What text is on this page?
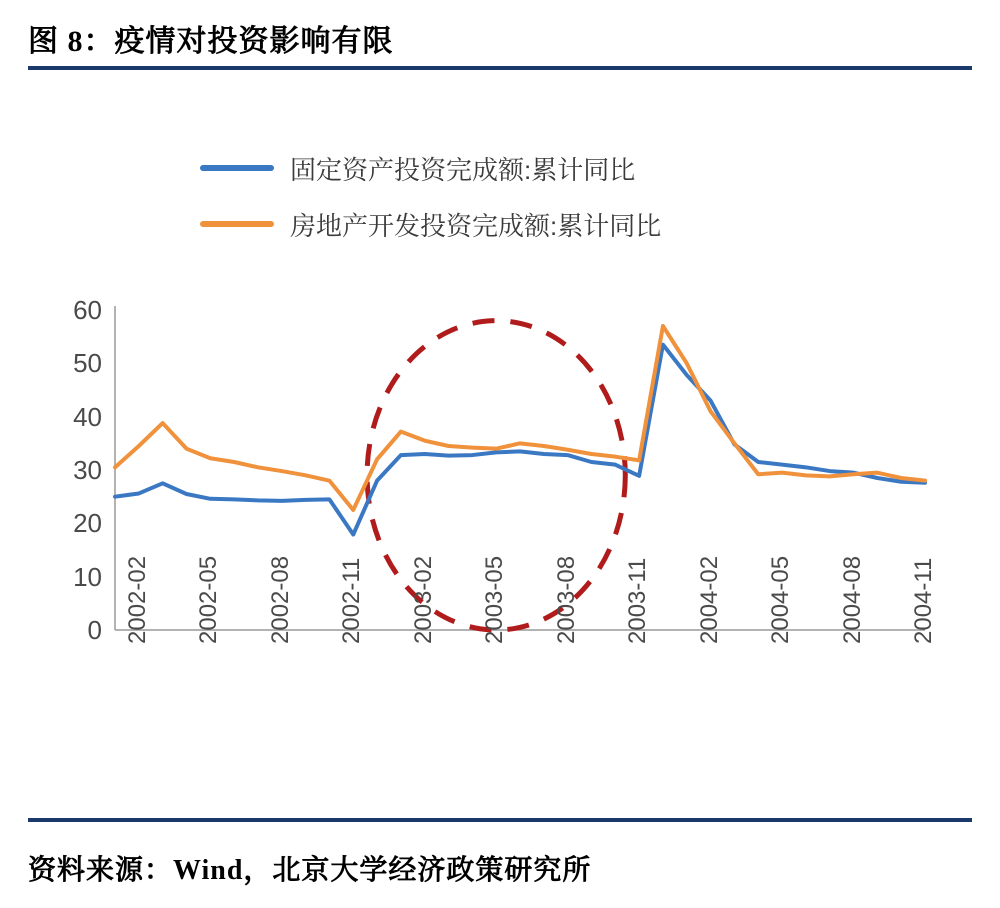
图 8：疫情对投资影响有限
固定资产投资完成额:累计同比
房地产开发投资完成额:累计同比
0
10
20
30
40
50
60
2002-02 2002-05 2002-08 2002-11 2003-02 2003-05 2003-08 2003-11 2004-02 2004-05 2004-08 2004-11
资料来源：Wind，北京大学经济政策研究所
